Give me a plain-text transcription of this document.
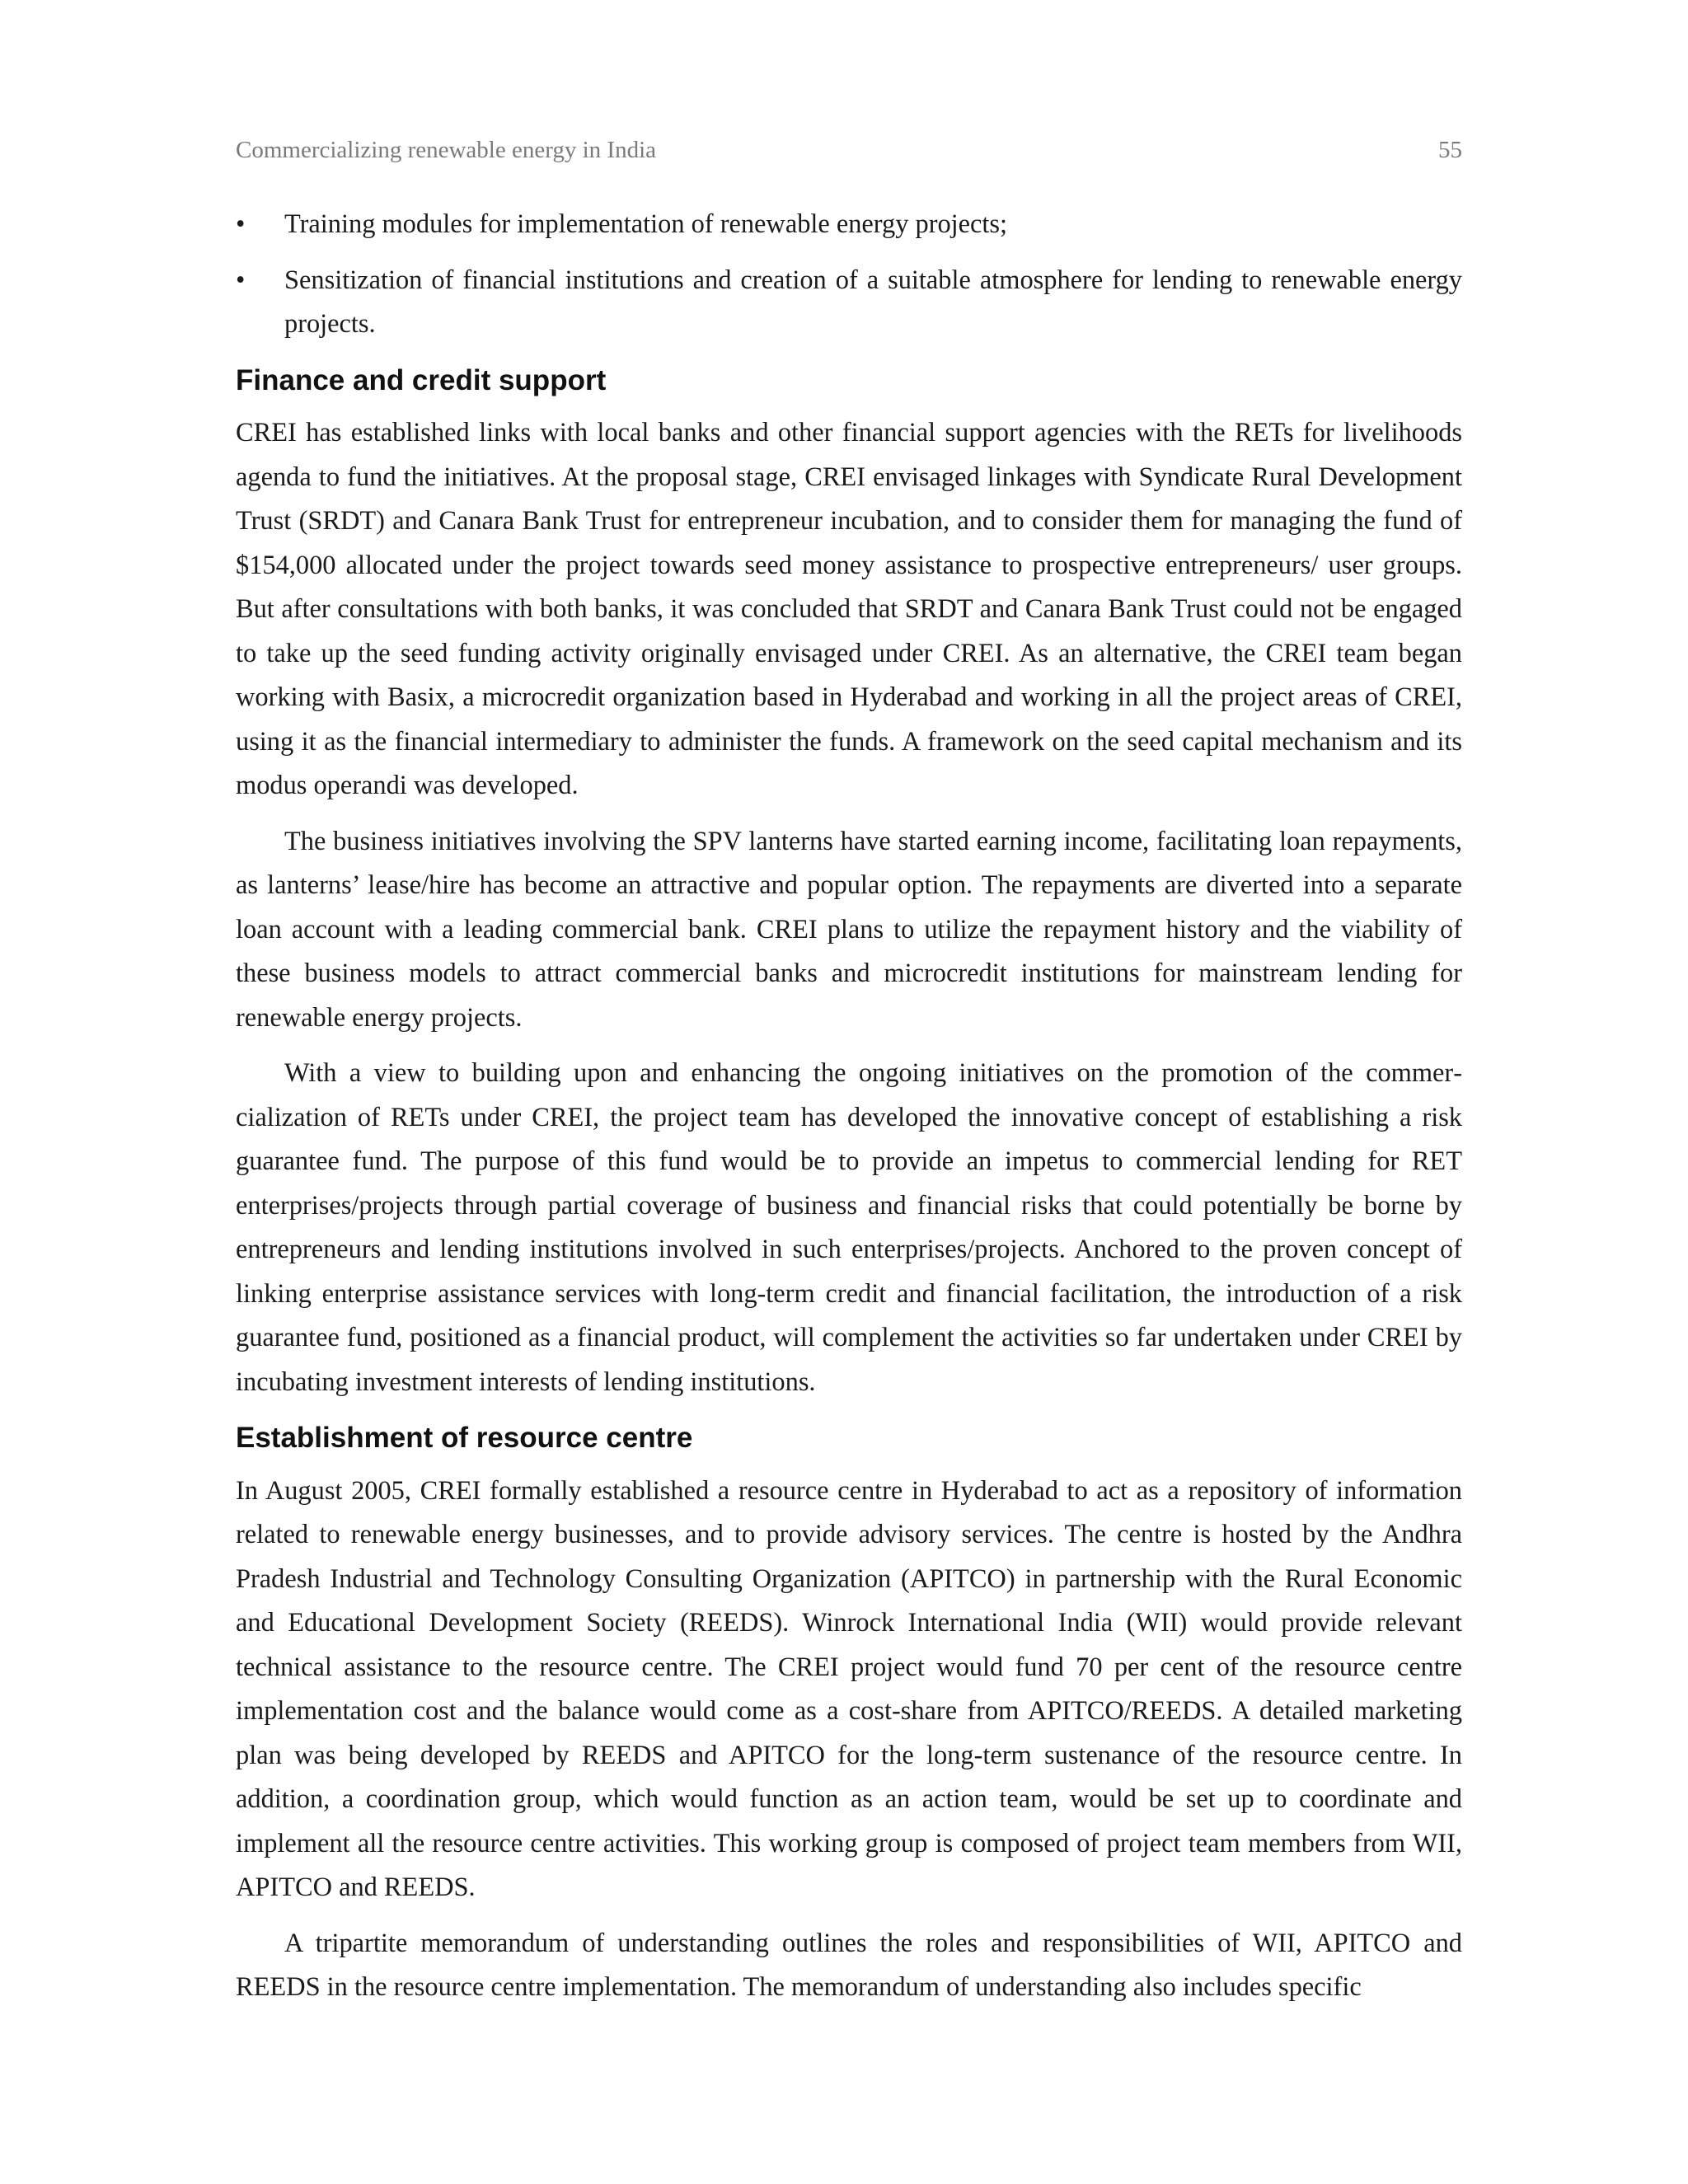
Commercializing renewable energy in India	55
• Training modules for implementation of renewable energy projects;
• Sensitization of financial institutions and creation of a suitable atmosphere for lending to renewable energy projects.
Finance and credit support

CREI has established links with local banks and other financial support agencies with the RETs for livelihoods agenda to fund the initiatives. At the proposal stage, CREI envisaged linkages with Syndicate Rural Development Trust (SRDT) and Canara Bank Trust for entrepreneur incubation, and to consider them for managing the fund of $154,000 allocated under the project towards seed money assistance to prospective entrepreneurs/ user groups. But after consultations with both banks, it was concluded that SRDT and Canara Bank Trust could not be engaged to take up the seed funding activity originally envisaged under CREI. As an alternative, the CREI team began working with Basix, a microcredit organization based in Hyderabad and working in all the project areas of CREI, using it as the financial intermediary to administer the funds. A framework on the seed capital mechanism and its modus operandi was developed.

The business initiatives involving the SPV lanterns have started earning income, facilitating loan repayments, as lanterns’ lease/hire has become an attractive and popular option. The repayments are diverted into a separate loan account with a leading commercial bank. CREI plans to utilize the repayment history and the viability of these business models to attract commercial banks and microcredit institutions for mainstream lending for renewable energy projects.

With a view to building upon and enhancing the ongoing initiatives on the promotion of the commercialization of RETs under CREI, the project team has developed the innovative concept of establishing a risk guarantee fund. The purpose of this fund would be to provide an impetus to commercial lending for RET enterprises/projects through partial coverage of business and financial risks that could potentially be borne by entrepreneurs and lending institutions involved in such enterprises/projects. Anchored to the proven concept of linking enterprise assistance services with long-term credit and financial facilitation, the introduction of a risk guarantee fund, positioned as a financial product, will complement the activities so far undertaken under CREI by incubating investment interests of lending institutions.

Establishment of resource centre

In August 2005, CREI formally established a resource centre in Hyderabad to act as a repository of information related to renewable energy businesses, and to provide advisory services. The centre is hosted by the Andhra Pradesh Industrial and Technology Consulting Organization (APITCO) in partnership with the Rural Economic and Educational Development Society (REEDS). Winrock International India (WII) would provide relevant technical assistance to the resource centre. The CREI project would fund 70 per cent of the resource centre implementation cost and the balance would come as a cost-share from APITCO/REEDS. A detailed marketing plan was being developed by REEDS and APITCO for the long-term sustenance of the resource centre. In addition, a coordination group, which would function as an action team, would be set up to coordinate and implement all the resource centre activities. This working group is composed of project team members from WII, APITCO and REEDS.

A tripartite memorandum of understanding outlines the roles and responsibilities of WII, APITCO and REEDS in the resource centre implementation. The memorandum of understanding also includes specific
